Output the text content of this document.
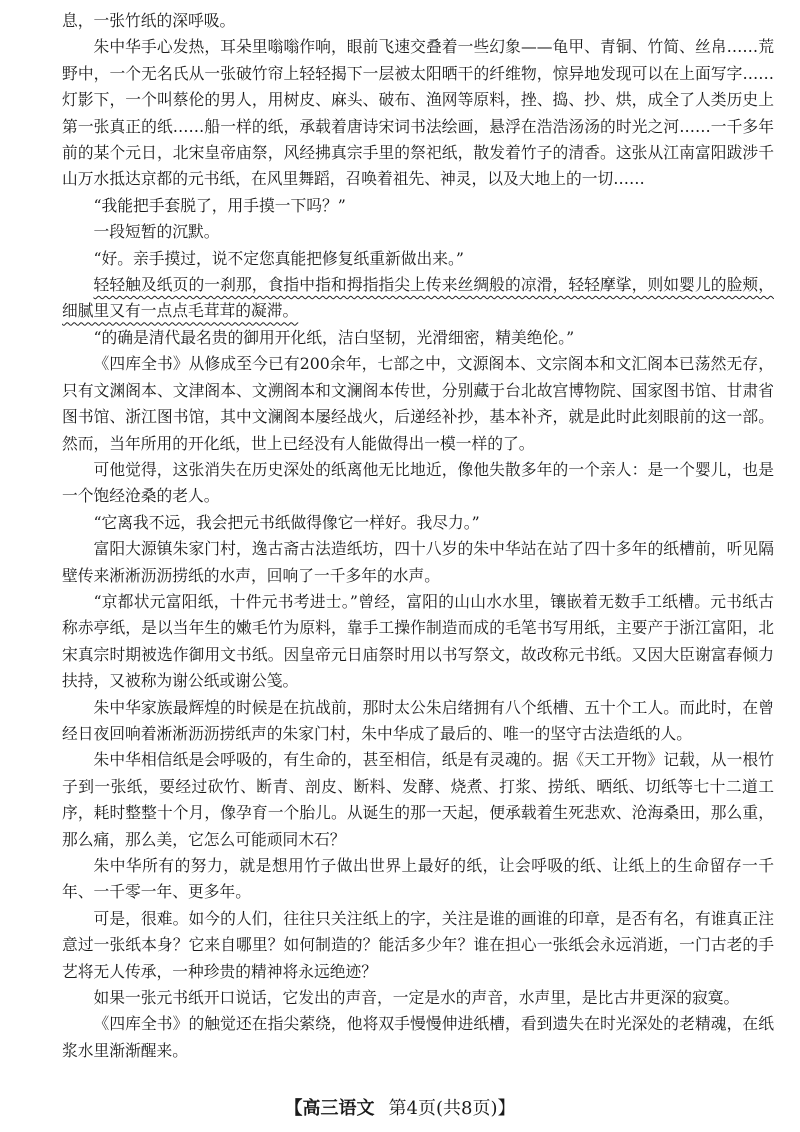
息，一张竹纸的深呼吸。

朱中华手心发热，耳朵里嗡嗡作响，眼前飞速交叠着一些幻象——龟甲、青铜、竹简、丝帛……荒野中，一个无名氏从一张破竹帘上轻轻揭下一层被太阳晒干的纤维物，惊异地发现可以在上面写字……灯影下，一个叫蔡伦的男人，用树皮、麻头、破布、渔网等原料，挫、捣、抄、烘，成全了人类历史上第一张真正的纸……船一样的纸，承载着唐诗宋词书法绘画，悬浮在浩浩汤汤的时光之河……一千多年前的某个元日，北宋皇帝庙祭，风经拂真宗手里的祭祀纸，散发着竹子的清香。这张从江南富阳跋涉千山万水抵达京都的元书纸，在风里舞蹈，召唤着祖先、神灵，以及大地上的一切……

“我能把手套脱了，用手摸一下吗？”

一段短暂的沉默。

“好。亲手摸过，说不定您真能把修复纸重新做出来。”

轻轻触及纸页的一刹那，食指中指和拇指指尖上传来丝绸般的凉滑，轻轻摩挲，则如婴儿的脸颊，细腻里又有一点点毛茸茸的凝滞。

“的确是清代最名贵的御用开化纸，洁白坚韧，光滑细密，精美绝伦。”

《四库全书》从修成至今已有200余年，七部之中，文源阁本、文宗阁本和文汇阁本已荡然无存，只有文渊阁本、文津阁本、文溯阁本和文澜阁本传世，分别藏于台北故宫博物院、国家图书馆、甘肃省图书馆、浙江图书馆，其中文澜阁本屡经战火，后递经补抄，基本补齐，就是此时此刻眼前的这一部。然而，当年所用的开化纸，世上已经没有人能做得出一模一样的了。

可他觉得，这张消失在历史深处的纸离他无比地近，像他失散多年的一个亲人：是一个婴儿，也是一个饱经沧桑的老人。

“它离我不远，我会把元书纸做得像它一样好。我尽力。”

富阳大源镇朱家门村，逸古斋古法造纸坊，四十八岁的朱中华站在站了四十多年的纸槽前，听见隔壁传来淅淅沥沥捞纸的水声，回响了一千多年的水声。

“京都状元富阳纸，十件元书考进士。”曾经，富阳的山山水水里，镶嵌着无数手工纸槽。元书纸古称赤亭纸，是以当年生的嫩毛竹为原料，靠手工操作制造而成的毛笔书写用纸，主要产于浙江富阳，北宋真宗时期被选作御用文书纸。因皇帝元日庙祭时用以书写祭文，故改称元书纸。又因大臣谢富春倾力扶持，又被称为谢公纸或谢公笺。

朱中华家族最辉煌的时候是在抗战前，那时太公朱启绪拥有八个纸槽、五十个工人。而此时，在曾经日夜回响着淅淅沥沥捞纸声的朱家门村，朱中华成了最后的、唯一的坚守古法造纸的人。

朱中华相信纸是会呼吸的，有生命的，甚至相信，纸是有灵魂的。据《天工开物》记载，从一根竹子到一张纸，要经过砍竹、断青、剖皮、断料、发酵、烧煮、打浆、捞纸、晒纸、切纸等七十二道工序，耗时整整十个月，像孕育一个胎儿。从诞生的那一天起，便承载着生死悲欢、沧海桑田，那么重，那么痛，那么美，它怎么可能顽同木石？

朱中华所有的努力，就是想用竹子做出世界上最好的纸，让会呼吸的纸、让纸上的生命留存一千年、一千零一年、更多年。

可是，很难。如今的人们，往往只关注纸上的字，关注是谁的画谁的印章，是否有名，有谁真正注意过一张纸本身？它来自哪里？如何制造的？能活多少年？谁在担心一张纸会永远消逝，一门古老的手艺将无人传承，一种珍贵的精神将永远绝迹？

如果一张元书纸开口说话，它发出的声音，一定是水的声音，水声里，是比古井更深的寂寞。

《四库全书》的触觉还在指尖萦绕，他将双手慢慢伸进纸槽，看到遗失在时光深处的老精魂，在纸浆水里渐渐醒来。

【高三语文 第4页(共8页)】
